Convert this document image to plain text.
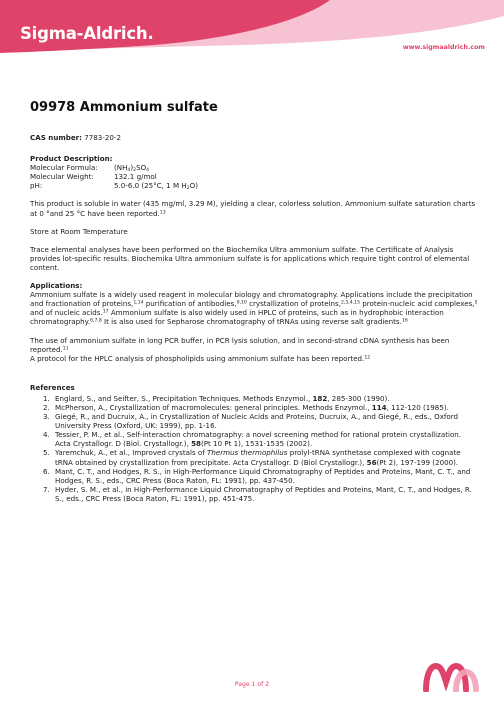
Sigma-Aldrich.
www.sigmaaldrich.com
09978 Ammonium sulfate
CAS number: 7783-20-2
Product Description:
Molecular Formula:	$(NH_4)_2SO_4$
Molecular Weight:	132.1 g/mol
pH:	5.0-6.0 (25°C, 1 M $H_2O$)
This product is soluble in water (435 mg/ml, 3.29 M), yielding a clear, colorless solution. Ammonium sulfate saturation charts at 0 °and 25 °C have been reported.$^{13}$
Store at Room Temperature
Trace elemental analyses have been performed on the Biochemika Ultra ammonium sulfate. The Certificate of Analysis provides lot-specific results. Biochemika Ultra ammonium sulfate is for applications which require tight control of elemental content.
Applications:
Ammonium sulfate is a widely used reagent in molecular biology and chromatography. Applications include the precipitation and fractionation of proteins,$^{1,14}$ purification of antibodies,$^{9,10}$ crystallization of proteins,$^{2,3,4,15}$ protein-nucleic acid complexes,$^5$ and of nucleic acids.$^{17}$ Ammonium sulfate is also widely used in HPLC of proteins, such as in hydrophobic interaction chromatography.$^{6,7,8}$ It is also used for Sepharose chromatography of tRNAs using reverse salt gradients.$^{16}$
The use of ammonium sulfate in long PCR buffer, in PCR lysis solution, and in second-strand cDNA synthesis has been reported.$^{11}$
A protocol for the HPLC analysis of phospholipids using ammonium sulfate has been reported.$^{12}$
References
1. Englard, S., and Seifter, S., Precipitation Techniques. Methods Enzymol., 182, 285-300 (1990).
2. McPherson, A., Crystallization of macromolecules: general principles. Methods Enzymol., 114, 112-120 (1985).
3. Giegé, R., and Ducruix, A., in Crystallization of Nucleic Acids and Proteins, Ducruix, A., and Giegé, R., eds., Oxford University Press (Oxford, UK: 1999), pp. 1-16.
4. Tessier, P. M., et al., Self-interaction chromatography: a novel screening method for rational protein crystallization. Acta Crystallogr. D (Biol. Crystallogr.), 58(Pt 10 Pt 1), 1531-1535 (2002).
5. Yaremchuk, A., et al., Improved crystals of Thermus thermophilus prolyl-tRNA synthetase complexed with cognate tRNA obtained by crystallization from precipitate. Acta Crystallogr. D (Biol Crystallogr.), 56(Pt 2), 197-199 (2000).
6. Mant, C. T., and Hodges, R. S., in High-Performance Liquid Chromatography of Peptides and Proteins, Mant, C. T., and Hodges, R. S., eds., CRC Press (Boca Raton, FL: 1991), pp. 437-450.
7. Hyder, S. M., et al., in High-Performance Liquid Chromatography of Peptides and Proteins, Mant, C. T., and Hodges, R. S., eds., CRC Press (Boca Raton, FL: 1991), pp. 451-475.
Page 1 of 2
